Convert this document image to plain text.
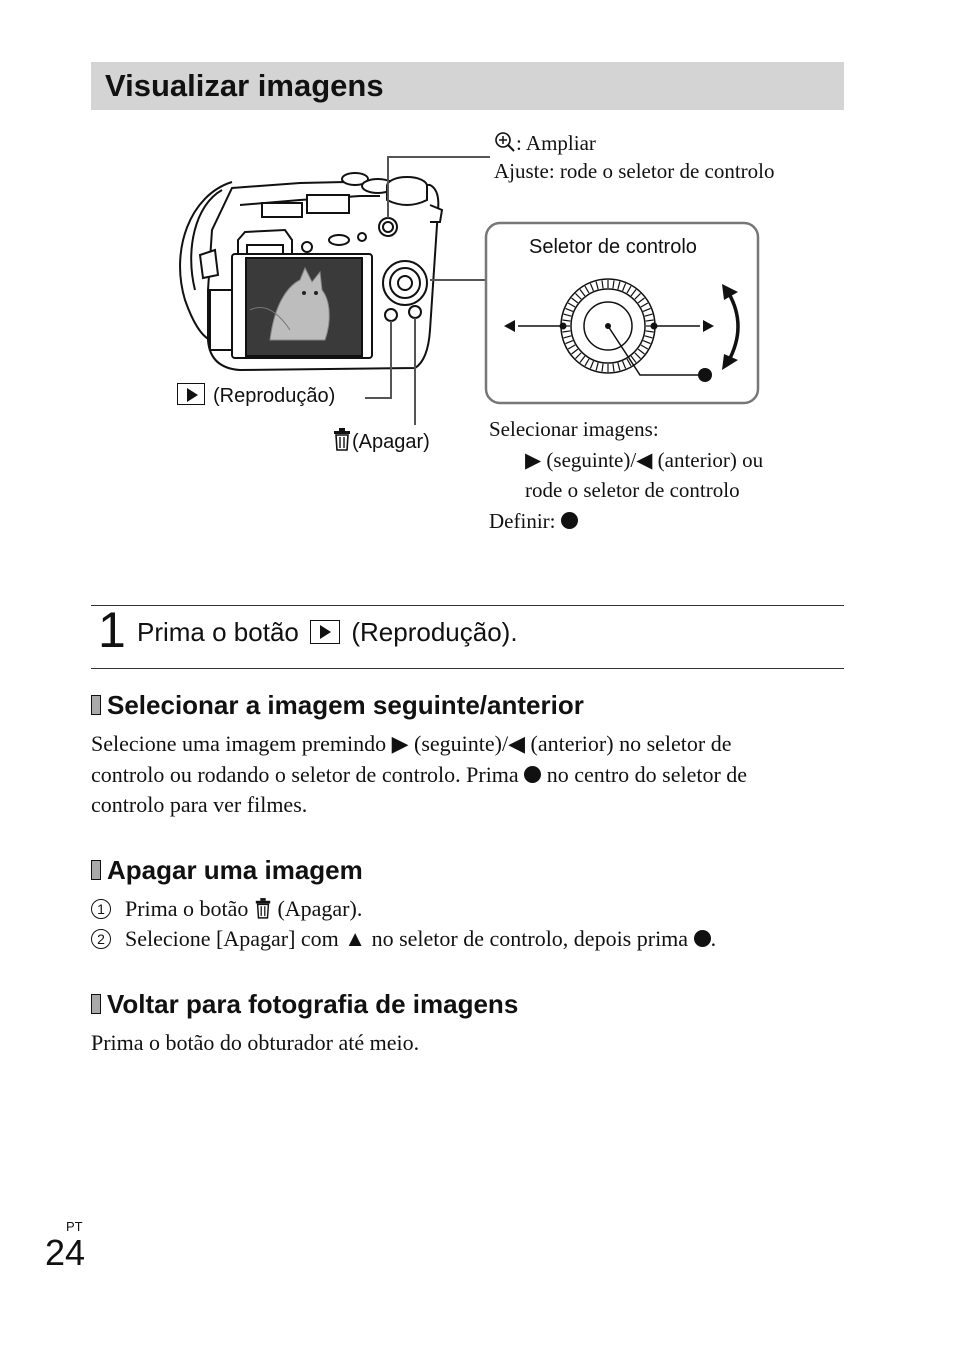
Visualizar imagens
: Ampliar
Ajuste: rode o seletor de controlo
Seletor de controlo
(Reprodução)
(Apagar)
Selecionar imagens:
▶ (seguinte)/◀ (anterior) ou
rode o seletor de controlo
Definir:
1 Prima o botão (Reprodução).
Selecionar a imagem seguinte/anterior
Selecione uma imagem premindo ▶ (seguinte)/◀ (anterior) no seletor de
controlo ou rodando o seletor de controlo. Prima no centro do seletor de
controlo para ver filmes.
Apagar uma imagem
1 Prima o botão (Apagar).
2 Selecione [Apagar] com ▲ no seletor de controlo, depois prima .
Voltar para fotografia de imagens
Prima o botão do obturador até meio.
PT
24
